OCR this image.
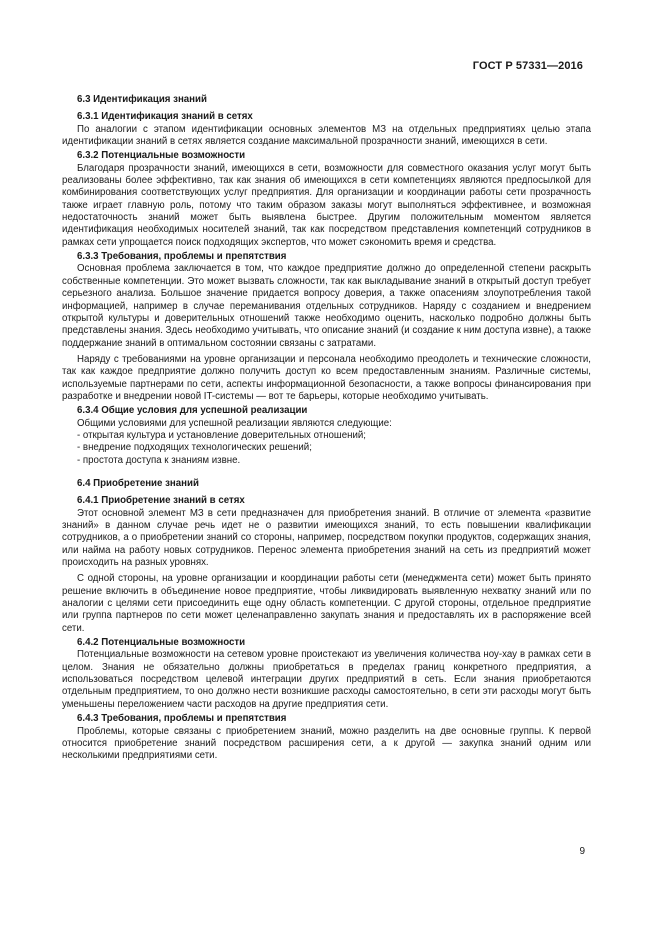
ГОСТ Р 57331—2016
6.3 Идентификация знаний
6.3.1 Идентификация знаний в сетях

По аналогии с этапом идентификации основных элементов МЗ на отдельных предприятиях целью этапа идентификации знаний в сетях является создание максимальной прозрачности знаний, имеющихся в сети.

6.3.2 Потенциальные возможности

Благодаря прозрачности знаний, имеющихся в сети, возможности для совместного оказания услуг могут быть реализованы более эффективно, так как знания об имеющихся в сети компетенциях являются предпосылкой для комбинирования соответствующих услуг предприятия. Для организации и координации работы сети прозрачность также играет главную роль, потому что таким образом заказы могут выполняться эффективнее, и возможная недостаточность знаний может быть выявлена быстрее. Другим положительным моментом является идентификация необходимых носителей знаний, так как посредством представления компетенций сотрудников в рамках сети упрощается поиск подходящих экспертов, что может сэкономить время и средства.

6.3.3 Требования, проблемы и препятствия

Основная проблема заключается в том, что каждое предприятие должно до определенной степени раскрыть собственные компетенции. Это может вызвать сложности, так как выкладывание знаний в открытый доступ требует серьезного анализа. Большое значение придается вопросу доверия, а также опасениям злоупотребления такой информацией, например в случае переманивания отдельных сотрудников. Наряду с созданием и внедрением открытой культуры и доверительных отношений также необходимо оценить, насколько подробно должны быть представлены знания. Здесь необходимо учитывать, что описание знаний (и создание к ним доступа извне), а также поддержание знаний в оптимальном состоянии связаны с затратами.

Наряду с требованиями на уровне организации и персонала необходимо преодолеть и технические сложности, так как каждое предприятие должно получить доступ ко всем предоставленным знаниям. Различные системы, используемые партнерами по сети, аспекты информационной безопасности, а также вопросы финансирования при разработке и внедрении новой IT-системы — вот те барьеры, которые необходимо учитывать.

6.3.4 Общие условия для успешной реализации

Общими условиями для успешной реализации являются следующие:

- открытая культура и установление доверительных отношений;
- внедрение подходящих технологических решений;
- простота доступа к знаниям извне.
6.4 Приобретение знаний
6.4.1 Приобретение знаний в сетях

Этот основной элемент МЗ в сети предназначен для приобретения знаний. В отличие от элемента «развитие знаний» в данном случае речь идет не о развитии имеющихся знаний, то есть повышении квалификации сотрудников, а о приобретении знаний со стороны, например, посредством покупки продуктов, содержащих знания, или найма на работу новых сотрудников. Перенос элемента приобретения знаний на сеть из предприятий может происходить на разных уровнях.

С одной стороны, на уровне организации и координации работы сети (менеджмента сети) может быть принято решение включить в объединение новое предприятие, чтобы ликвидировать выявленную нехватку знаний или по аналогии с целями сети присоединить еще одну область компетенции. С другой стороны, отдельное предприятие или группа партнеров по сети может целенаправленно закупать знания и предоставлять их в распоряжение всей сети.

6.4.2 Потенциальные возможности

Потенциальные возможности на сетевом уровне проистекают из увеличения количества ноу-хау в рамках сети в целом. Знания не обязательно должны приобретаться в пределах границ конкретного предприятия, а использоваться посредством целевой интеграции других предприятий в сеть. Если знания приобретаются отдельным предприятием, то оно должно нести возникшие расходы самостоятельно, в сети эти расходы могут быть уменьшены переложением части расходов на другие предприятия сети.

6.4.3 Требования, проблемы и препятствия

Проблемы, которые связаны с приобретением знаний, можно разделить на две основные группы. К первой относится приобретение знаний посредством расширения сети, а к другой — закупка знаний одним или несколькими предприятиями сети.

9
